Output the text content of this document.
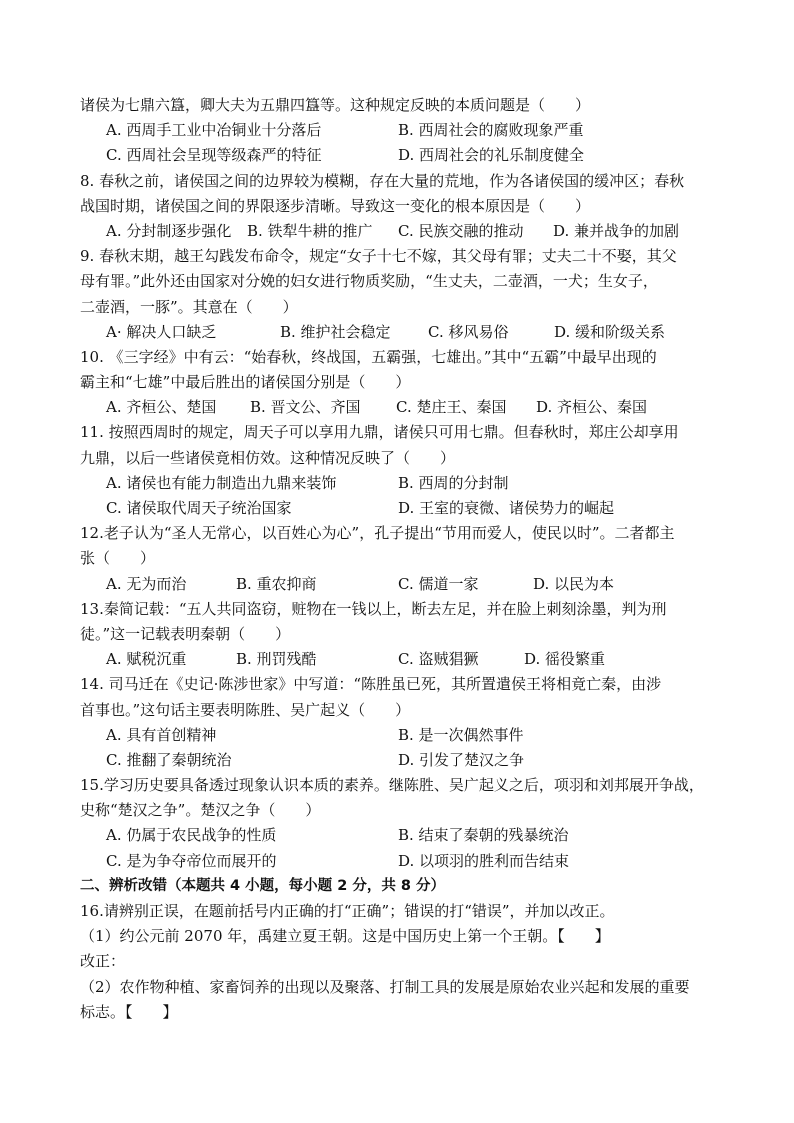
诸侯为七鼎六簋，卿大夫为五鼎四簋等。这种规定反映的本质问题是（　　）
A. 西周手工业中冶铜业十分落后	B. 西周社会的腐败现象严重
C. 西周社会呈现等级森严的特征	D. 西周社会的礼乐制度健全
8. 春秋之前，诸侯国之间的边界较为模糊，存在大量的荒地，作为各诸侯国的缓冲区；春秋
战国时期，诸侯国之间的界限逐步清晰。导致这一变化的根本原因是（　　）
A. 分封制逐步强化 B. 铁犁牛耕的推广 C. 民族交融的推动 D. 兼并战争的加剧
9. 春秋末期，越王勾践发布命令，规定“女子十七不嫁，其父母有罪；丈夫二十不娶，其父
母有罪。”此外还由国家对分娩的妇女进行物质奖励，“生丈夫，二壶酒，一犬；生女子，
二壶酒，一豚”。其意在（　　）
A· 解决人口缺乏	B. 维护社会稳定 C. 移风易俗	D. 缓和阶级关系
10. 《三字经》中有云：“始春秋，终战国，五霸强，七雄出。”其中“五霸”中最早出现的
霸主和“七雄”中最后胜出的诸侯国分别是（　　）
A. 齐桓公、楚国 B. 晋文公、齐国 C. 楚庄王、秦国 D. 齐桓公、秦国
11. 按照西周时的规定，周天子可以享用九鼎，诸侯只可用七鼎。但春秋时，郑庄公却享用
九鼎，以后一些诸侯竟相仿效。这种情况反映了（　　）
A. 诸侯也有能力制造出九鼎来装饰	B. 西周的分封制
C. 诸侯取代周天子统治国家	D. 王室的衰微、诸侯势力的崛起
12.老子认为“圣人无常心，以百姓心为心”，孔子提出“节用而爱人，使民以时”。二者都主
张（　　）
A. 无为而治	B. 重农抑商	C. 儒道一家	D. 以民为本
13.秦简记载：“五人共同盗窃，赃物在一钱以上，断去左足，并在脸上刺刻涂墨，判为刑
徒。”这一记载表明秦朝（　　）
A. 赋税沉重	B. 刑罚残酷	C. 盗贼猖獗	D. 徭役繁重
14. 司马迁在《史记·陈涉世家》中写道：“陈胜虽已死，其所置遣侯王将相竟亡秦，由涉
首事也。”这句话主要表明陈胜、吴广起义（　　）
A. 具有首创精神	B. 是一次偶然事件
C. 推翻了秦朝统治	D. 引发了楚汉之争
15.学习历史要具备透过现象认识本质的素养。继陈胜、吴广起义之后，项羽和刘邦展开争战，
史称“楚汉之争”。楚汉之争（　　）
A. 仍属于农民战争的性质	B. 结束了秦朝的残暴统治
C. 是为争夺帝位而展开的	D. 以项羽的胜利而告结束
二、辨析改错（本题共 4 小题，每小题 2 分，共 8 分）
16.请辨别正误，在题前括号内正确的打“正确”；错误的打“错误”，并加以改正。
（1）约公元前 2070 年，禹建立夏王朝。这是中国历史上第一个王朝。【　　】
改正：
（2）农作物种植、家畜饲养的出现以及聚落、打制工具的发展是原始农业兴起和发展的重要
标志。【　　】
